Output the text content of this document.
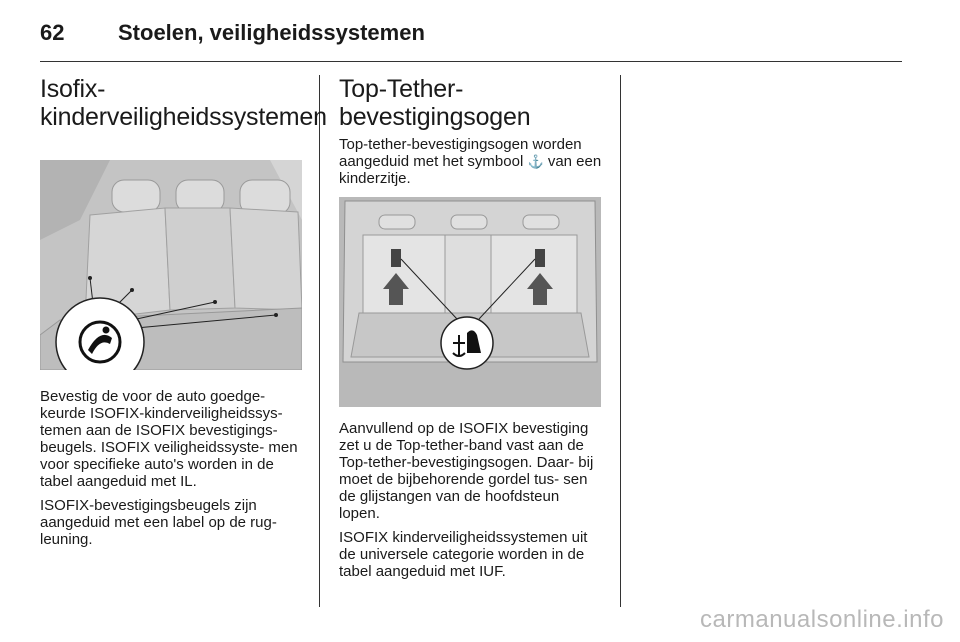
62 Stoelen, veiligheidssystemen
Isofix-
kinderveiligheidssystemen

Bevestig de voor de auto goedge- keurde ISOFIX-kinderveiligheidssys- temen aan de ISOFIX bevestigings- beugels. ISOFIX veiligheidssyste- men voor specifieke auto's worden in de tabel aangeduid met IL.

ISOFIX-bevestigingsbeugels zijn aangeduid met een label op de rug- leuning.

Top-Tether-
bevestigingsogen

Top-tether-bevestigingsogen worden aangeduid met het symbool ⚓ van een kinderzitje.

Aanvullend op de ISOFIX bevestiging zet u de Top-tether-band vast aan de Top-tether-bevestigingsogen. Daar- bij moet de bijbehorende gordel tus- sen de glijstangen van de hoofdsteun lopen.

ISOFIX kinderveiligheidssystemen uit de universele categorie worden in de tabel aangeduid met IUF.

carmanualsonline.info
